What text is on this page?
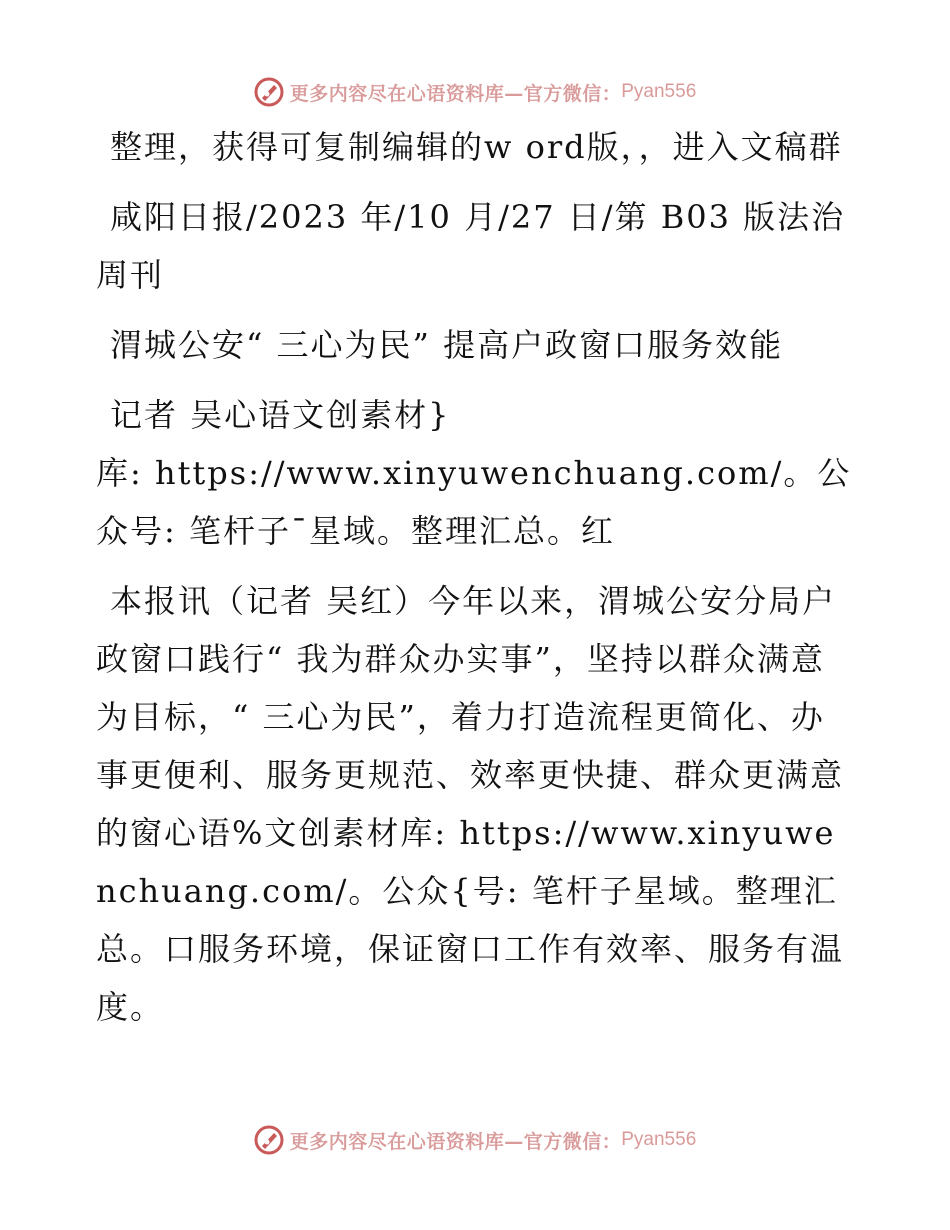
更多内容尽在心语资料库—官方微信： Pyan556

整理，获得可复制编辑的w ord版，，进入文稿群

咸阳日报/2023 年/10 月/27 日/第 B03 版法治周刊

渭城公安“ 三心为民” 提高户政窗口服务效能

记者 吴心语文创素材}

库: https://www.xinyuwenchuang.com/。公众号: 笔杆子¯星域。整理汇总。红

本报讯（记者 吴红）今年以来，渭城公安分局户政窗口践行“ 我为群众办实事”，坚持以群众满意为目标，“ 三心为民”，着力打造流程更简化、办事更便利、服务更规范、效率更快捷、群众更满意的窗心语%文创素材库: https://www.xinyuwenchuang.com/。公众{号: 笔杆子星域。整理汇总。口服务环境，保证窗口工作有效率、服务有温度。

更多内容尽在心语资料库—官方微信： Pyan556
